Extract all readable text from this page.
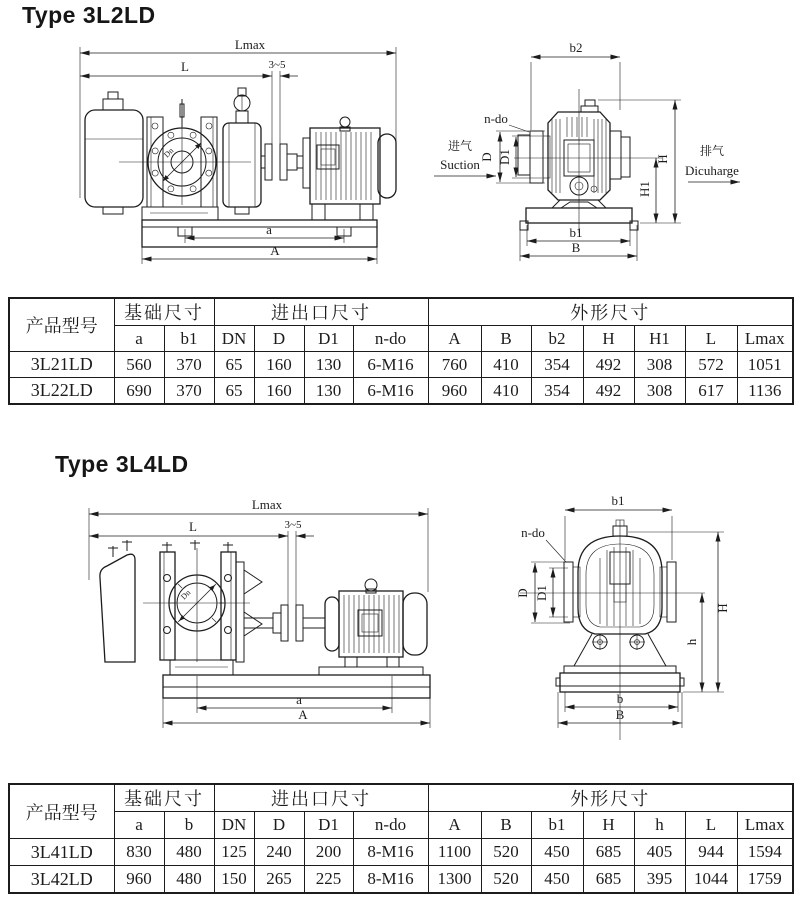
Type 3L2LD
Lmax
L	3~5
a
A
Dn
b2
n-do
D D1	H
H1
b1
B
进气
Suction
排气
Dicuharge
产品型号	基础尺寸		进出口尺寸				外形尺寸						
	a	b1	DN	D	D1	n-do	A	B	b2	H	H1	L	Lmax
3L21LD	560	370	65	160	130	6-M16	760	410	354	492	308	572	1051
3L22LD	690	370	65	160	130	6-M16	960	410	354	492	308	617	1136
Type 3L4LD
Lmax
L	3~5
a
A
Dn
b1
n-do
D D1
H
h
b
B
产品型号	基础尺寸		进出口尺寸				外形尺寸						
	a	b	DN	D	D1	n-do	A	B	b1	H	h	L	Lmax
3L41LD	830	480	125	240	200	8-M16	1100	520	450	685	405	944	1594
3L42LD	960	480	150	265	225	8-M16	1300	520	450	685	395	1044	1759
